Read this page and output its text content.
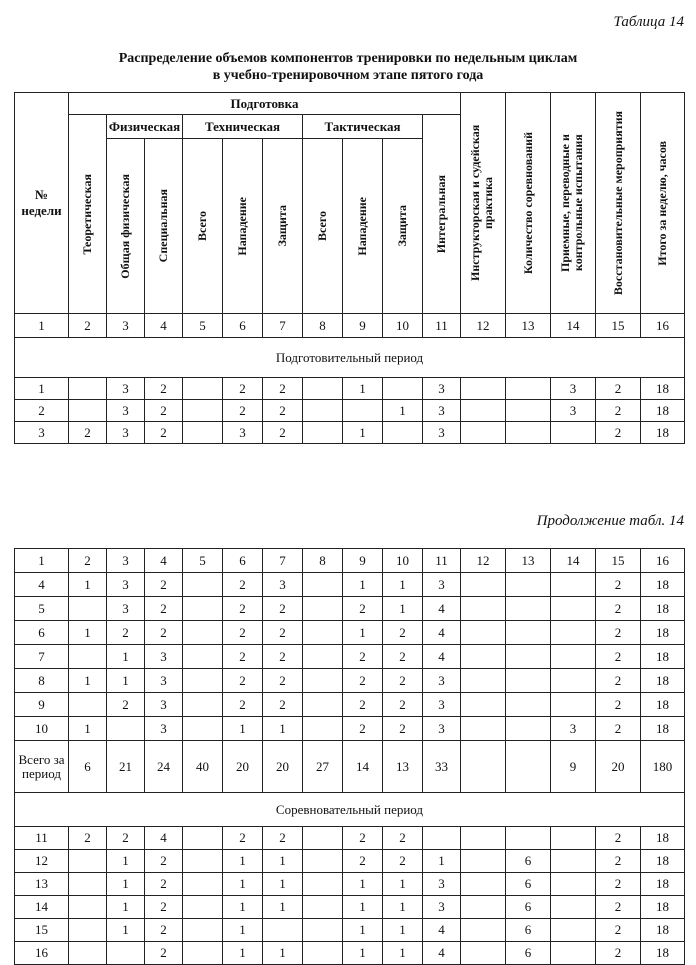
Таблица 14
Распределение объемов компонентов тренировки по недельным циклам
в учебно-тренировочном этапе пятого года
№ недели	Подготовка										Инструкторская и судейская практика	Количество соревнований	Приемные, переводные и контрольные испытания	Восстановительные мероприятия	Итого за неделю, часов

	Теоретическая	Физическая		Техническая			Тактическая			Интегральная					

		Общая физическая	Специальная	Всего	Нападение	Защита	Всего	Нападение	Защита						

1	2	3	4	5	6	7	8	9	10	11	12	13	14	15	16
Подготовительный период															
1		3	2		2	2		1		3			3	2	18
2		3	2		2	2			1	3			3	2	18
3	2	3	2		3	2		1		3				2	18
Продолжение табл. 14
1	2	3	4	5	6	7	8	9	10	11	12	13	14	15	16
4	1	3	2		2	3		1	1	3				2	18
5		3	2		2	2		2	1	4				2	18
6	1	2	2		2	2		1	2	4				2	18
7		1	3		2	2		2	2	4				2	18
8	1	1	3		2	2		2	2	3				2	18
9		2	3		2	2		2	2	3				2	18
10	1		3		1	1		2	2	3			3	2	18
Всего за период	6	21	24	40	20	20	27	14	13	33			9	20	180
Соревновательный период															
11	2	2	4		2	2		2	2					2	18
12		1	2		1	1		2	2	1		6		2	18
13		1	2		1	1		1	1	3		6		2	18
14		1	2		1	1		1	1	3		6		2	18
15		1	2		1			1	1	4		6		2	18
16			2		1	1		1	1	4		6		2	18
